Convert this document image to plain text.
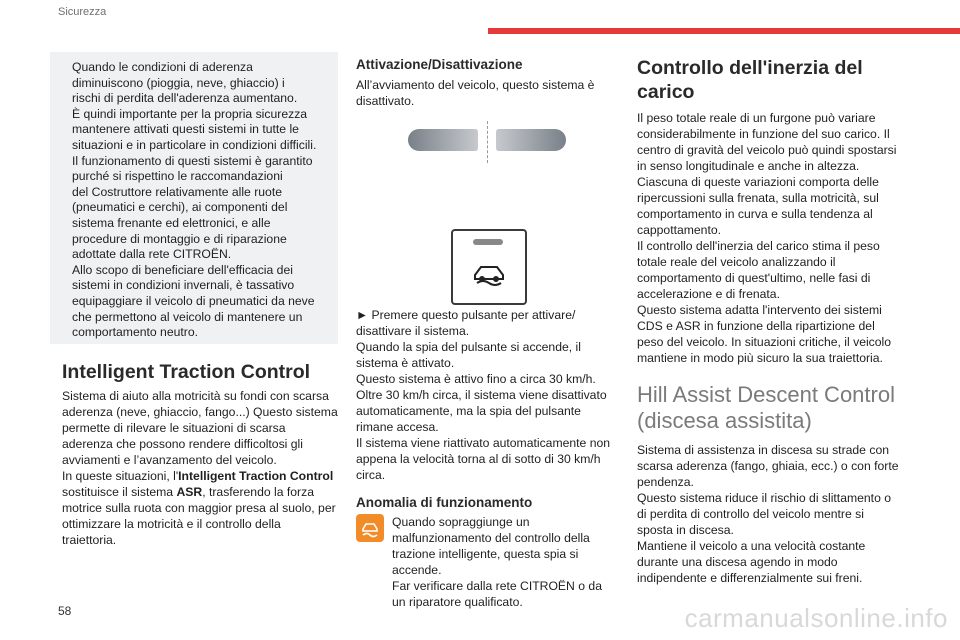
Sicurezza
Quando le condizioni di aderenza
diminuiscono (pioggia, neve, ghiaccio) i
rischi di perdita dell'aderenza aumentano.
È quindi importante per la propria sicurezza
mantenere attivati questi sistemi in tutte le
situazioni e in particolare in condizioni difficili.
Il funzionamento di questi sistemi è garantito
purché si rispettino le raccomandazioni
del Costruttore relativamente alle ruote
(pneumatici e cerchi), ai componenti del
sistema frenante ed elettronici, e alle
procedure di montaggio e di riparazione
adottate dalla rete CITROËN.
Allo scopo di beneficiare dell'efficacia dei
sistemi in condizioni invernali, è tassativo
equipaggiare il veicolo di pneumatici da neve
che permettono al veicolo di mantenere un
comportamento neutro.
Intelligent Traction Control
Sistema di aiuto alla motricità su fondi con scarsa aderenza (neve, ghiaccio, fango...) Questo sistema permette di rilevare le situazioni di scarsa aderenza che possono rendere difficoltosi gli avviamenti e l’avanzamento del veicolo.
In queste situazioni, l'Intelligent Traction Control sostituisce il sistema ASR, trasferendo la forza motrice sulla ruota con maggior presa al suolo, per ottimizzare la motricità e il controllo della traiettoria.
Attivazione/Disattivazione
All’avviamento del veicolo, questo sistema è disattivato.
► Premere questo pulsante per attivare/ disattivare il sistema.
Quando la spia del pulsante si accende, il sistema è attivato.
Questo sistema è attivo fino a circa 30 km/h.
Oltre 30 km/h circa, il sistema viene disattivato automaticamente, ma la spia del pulsante rimane accesa.
Il sistema viene riattivato automaticamente non appena la velocità torna al di sotto di 30 km/h circa.
Anomalia di funzionamento
Quando sopraggiunge un malfunzionamento del controllo della trazione intelligente, questa spia si accende.
Far verificare dalla rete CITROËN o da un riparatore qualificato.
Controllo dell'inerzia del carico
Il peso totale reale di un furgone può variare considerabilmente in funzione del suo carico. Il centro di gravità del veicolo può quindi spostarsi in senso longitudinale e anche in altezza.
Ciascuna di queste variazioni comporta delle ripercussioni sulla frenata, sulla motricità, sul comportamento in curva e sulla tendenza al cappottamento.
Il controllo dell'inerzia del carico stima il peso totale reale del veicolo analizzando il comportamento di quest'ultimo, nelle fasi di accelerazione e di frenata.
Questo sistema adatta l'intervento dei sistemi CDS e ASR in funzione della ripartizione del peso del veicolo. In situazioni critiche, il veicolo mantiene in modo più sicuro la sua traiettoria.
Hill Assist Descent Control (discesa assistita)
Sistema di assistenza in discesa su strade con scarsa aderenza (fango, ghiaia, ecc.) o con forte pendenza.
Questo sistema riduce il rischio di slittamento o di perdita di controllo del veicolo mentre si sposta in discesa.
Mantiene il veicolo a una velocità costante durante una discesa agendo in modo indipendente e differenzialmente sui freni.
58	carmanualsonline.info
